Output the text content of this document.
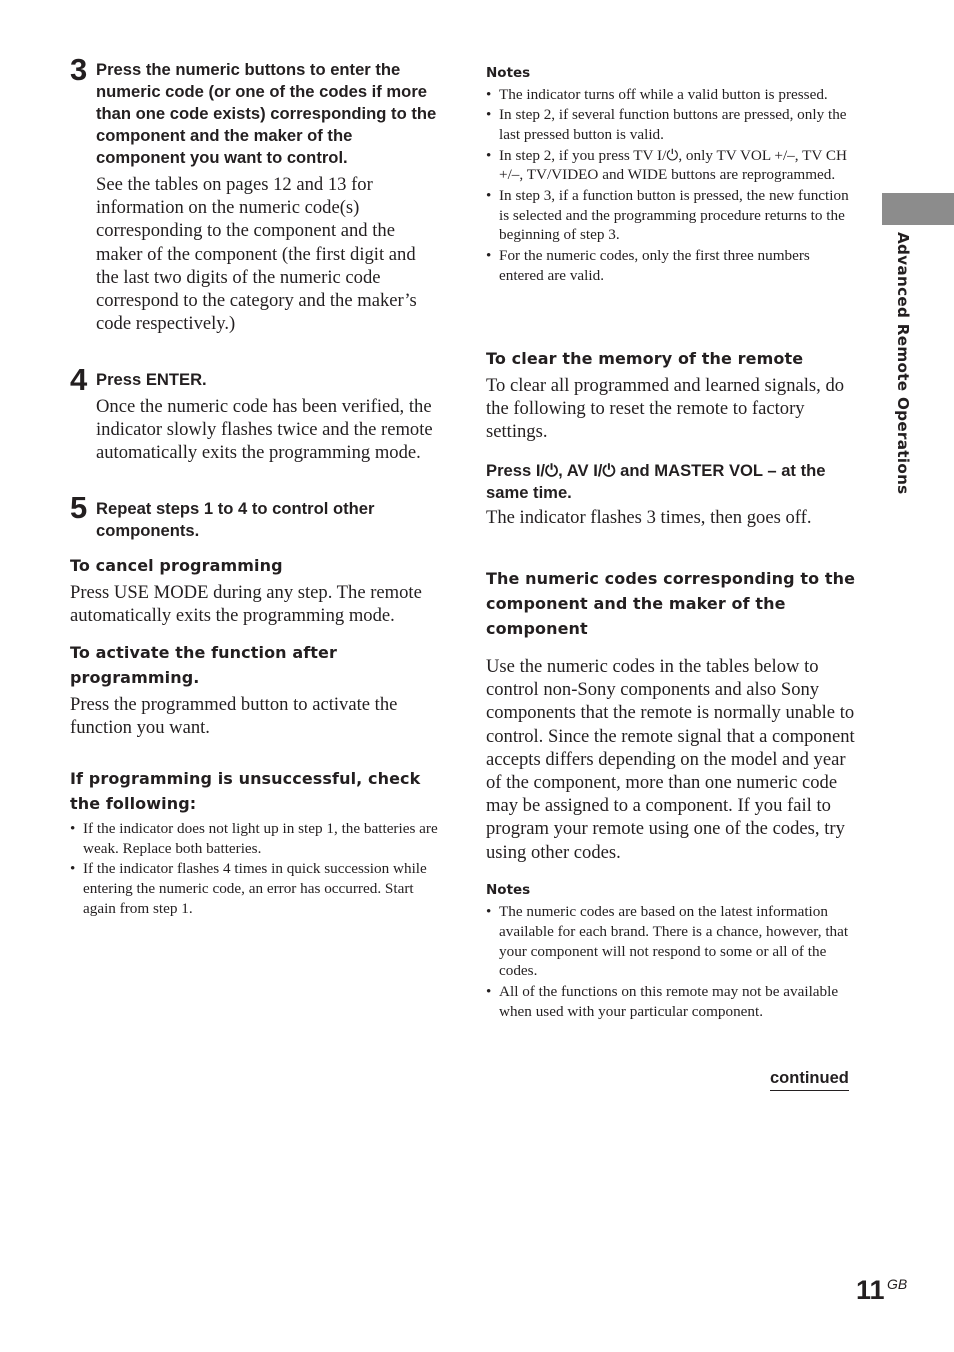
Advanced Remote Operations
3 Press the numeric buttons to enter the numeric code (or one of the codes if more than one code exists) corresponding to the component and the maker of the component you want to control.
See the tables on pages 12 and 13 for information on the numeric code(s) corresponding to the component and the maker of the component (the first digit and the last two digits of the numeric code correspond to the category and the maker’s code respectively.)
4 Press ENTER.
Once the numeric code has been verified, the indicator slowly flashes twice and the remote automatically exits the programming mode.
5 Repeat steps 1 to 4 to control other components.
To cancel programming
Press USE MODE during any step. The remote automatically exits the programming mode.
To activate the function after programming.
Press the programmed button to activate the function you want.
If programming is unsuccessful, check the following:
• If the indicator does not light up in step 1, the batteries are weak. Replace both batteries.
• If the indicator flashes 4 times in quick succession while entering the numeric code, an error has occurred. Start again from step 1.
Notes
• The indicator turns off while a valid button is pressed.
• In step 2, if several function buttons are pressed, only the last pressed button is valid.
• In step 2, if you press TV I/⏻, only TV VOL +/–, TV CH +/–, TV/VIDEO and WIDE buttons are reprogrammed.
• In step 3, if a function button is pressed, the new function is selected and the programming procedure returns to the beginning of step 3.
• For the numeric codes, only the first three numbers entered are valid.
To clear the memory of the remote
To clear all programmed and learned signals, do the following to reset the remote to factory settings.
Press I/⏻, AV I/⏻ and MASTER VOL – at the same time.
The indicator flashes 3 times, then goes off.
The numeric codes corresponding to the component and the maker of the component
Use the numeric codes in the tables below to control non-Sony components and also Sony components that the remote is normally unable to control. Since the remote signal that a component accepts differs depending on the model and year of the component, more than one numeric code may be assigned to a component. If you fail to program your remote using one of the codes, try using other codes.
Notes
• The numeric codes are based on the latest information available for each brand. There is a chance, however, that your component will not respond to some or all of the codes.
• All of the functions on this remote may not be available when used with your particular component.
continued
11 GB
